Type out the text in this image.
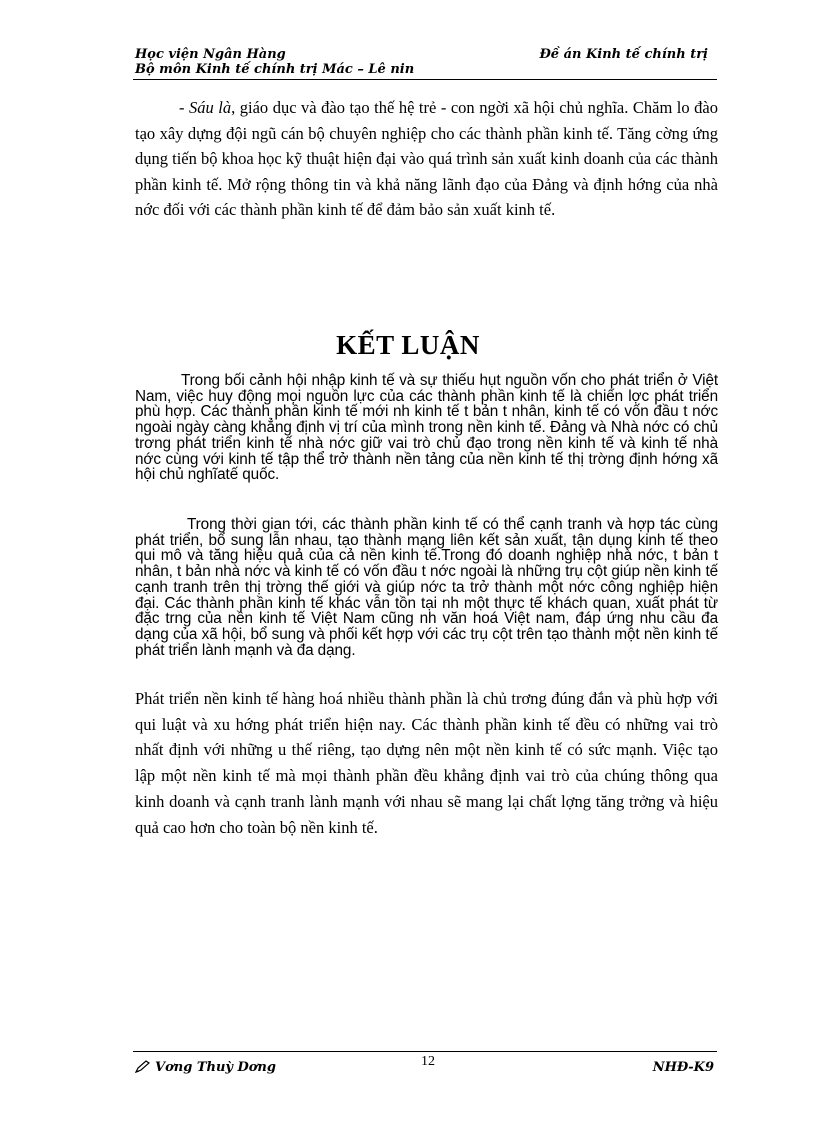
Học viện Ngân Hàng
Bộ môn Kinh tế chính trị Mác – Lê nin
Đề án Kinh tế chính trị
- Sáu là, giáo dục và đào tạo thế hệ trẻ - con ngời xã hội chủ nghĩa. Chăm lo đào tạo xây dựng đội ngũ cán bộ chuyên nghiệp cho các thành phần kinh tế. Tăng cờng ứng dụng tiến bộ khoa học kỹ thuật hiện đại vào quá trình sản xuất kinh doanh của các thành phần kinh tế. Mở rộng thông tin và khả năng lãnh đạo của Đảng và định hớng của nhà nớc đối với các thành phần kinh tế để đảm bảo sản xuất kinh tế.
KẾT LUẬN
Trong bối cảnh hội nhập kinh tế và sự thiếu hụt nguồn vốn cho phát triển ở Việt Nam, việc huy động mọi nguồn lực của các thành phần kinh tế là chiến lợc phát triển phù hợp. Các thành phần kinh tế mới nh kinh tế t bản t nhân, kinh tế có vốn đầu t nớc ngoài ngày càng khẳng định vị trí của mình trong nền kinh tế. Đảng và Nhà nớc có chủ trơng phát triển kinh tế nhà nớc giữ vai trò chủ đạo trong nền kinh tế và kinh tế nhà nớc cùng với kinh tế tập thể trở thành nền tảng của nền kinh tế thị trờng định hớng xã hội chủ nghĩatế quốc.
Trong thời gian tới, các thành phần kinh tế có thể cạnh tranh và hợp tác cùng phát triển, bổ sung lẫn nhau, tạo thành mạng liên kết sản xuất, tận dụng kinh tế theo qui mô và tăng hiệu quả của cả nền kinh tế.Trong đó doanh nghiệp nhà nớc, t bản t nhân, t bản nhà nớc và kinh tế có vốn đầu t nớc ngoài là những trụ cột giúp nền kinh tế cạnh tranh trên thị trờng thế giới và giúp nớc ta trở thành một nớc công nghiệp hiện đại. Các thành phần kinh tế khác vẫn tồn tại nh một thực tế khách quan, xuất phát từ đặc trng của nền kinh tế Việt Nam cũng nh văn hoá Việt nam, đáp ứng nhu cầu đa dạng của xã hội, bổ sung và phối kết hợp với các trụ cột trên tạo thành một nền kinh tế phát triển lành mạnh và đa dạng.
Phát triển nền kinh tế hàng hoá nhiều thành phần là chủ trơng đúng đắn và phù hợp với qui luật và xu hớng phát triển hiện nay. Các thành phần kinh tế đều có những vai trò nhất định với những u thế riêng, tạo dựng nên một nền kinh tế có sức mạnh. Việc tạo lập một nền kinh tế mà mọi thành phần đều khẳng định vai trò của chúng thông qua kinh doanh và cạnh tranh lành mạnh với nhau sẽ mang lại chất lợng tăng trởng và hiệu quả cao hơn cho toàn bộ nền kinh tế.
Vơng Thuỳ Dơng	12	NHĐ-K9
